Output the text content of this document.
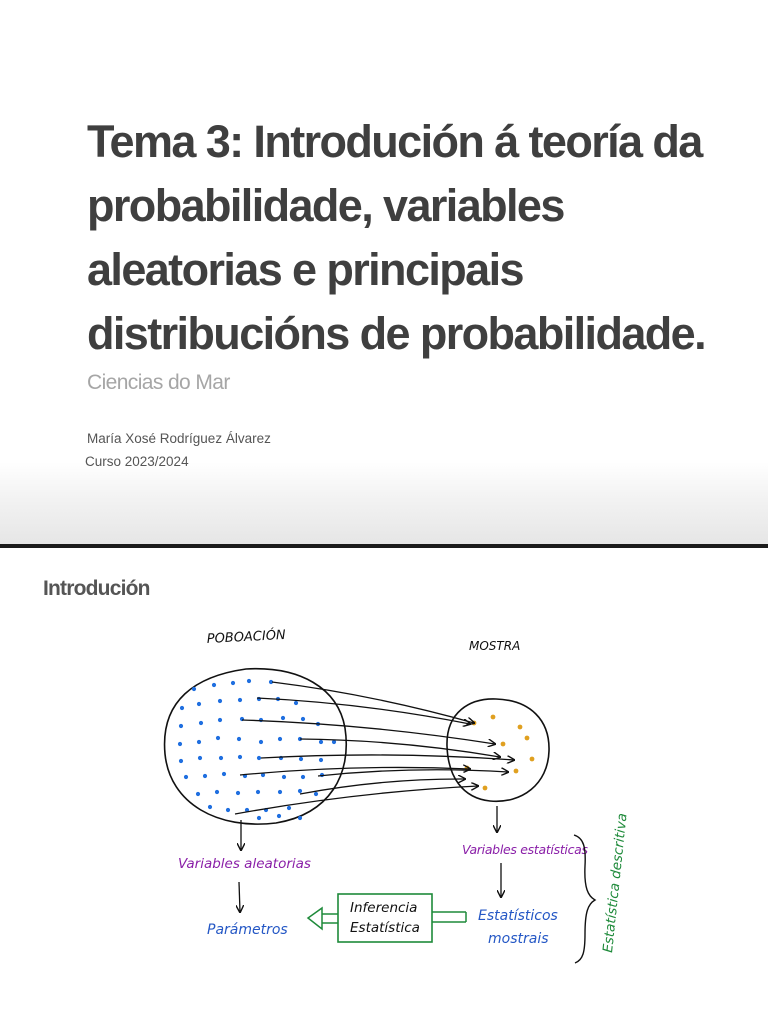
Tema 3: Introdución á teoría da probabilidade, variables aleatorias e principais distribucións de probabilidade.
Ciencias do Mar
María Xosé Rodríguez Álvarez
Curso 2023/2024
POBOACIÓN	MOSTRA
Variables aleatorias
Variables estatísticas
Parámetros
Estatísticos
mostrais
Inferencia
Estatística	Estatística descritiva
Introdución
